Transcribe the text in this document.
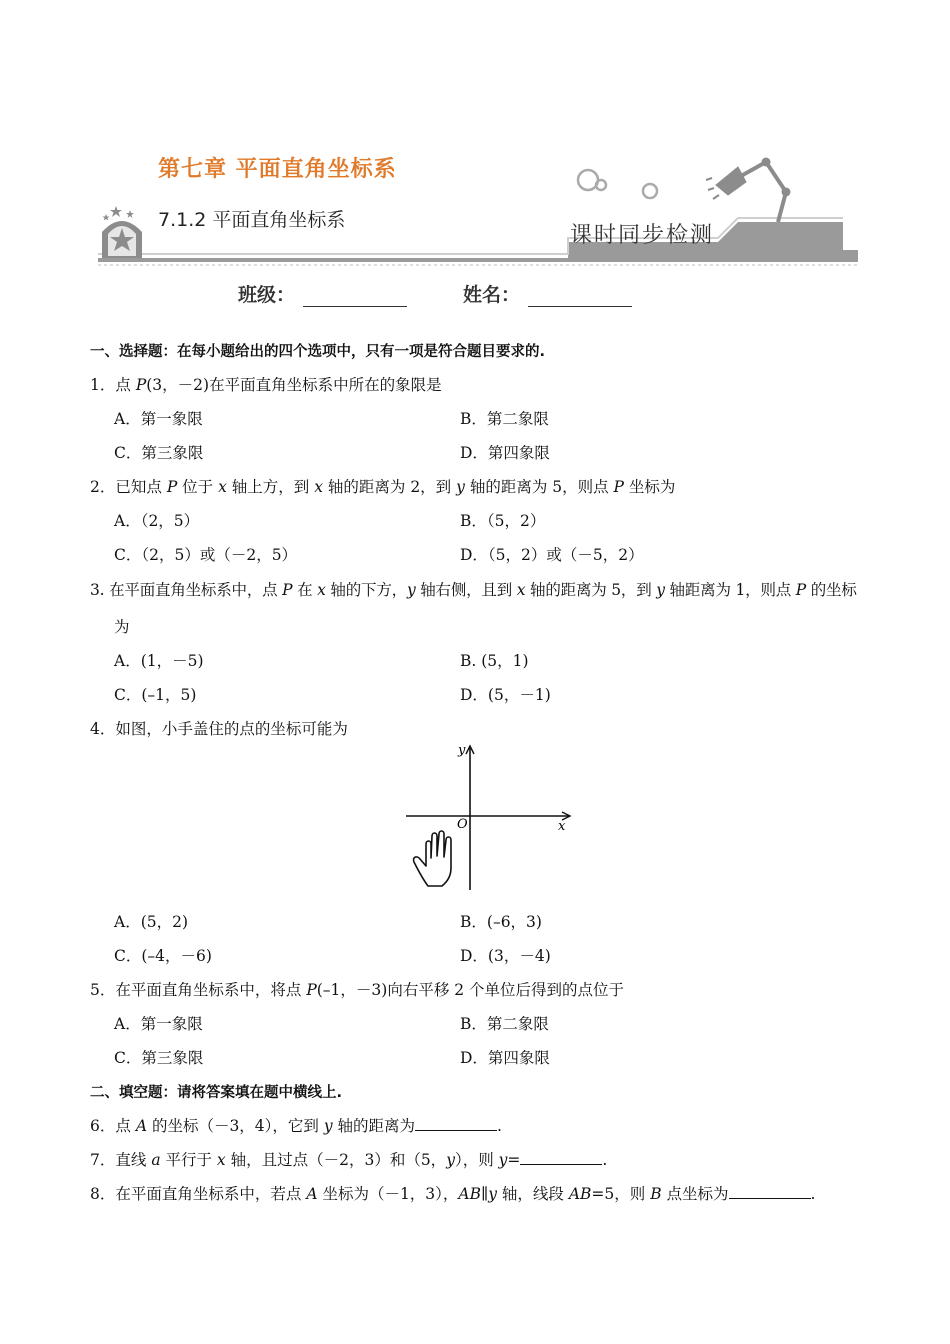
第七章 平面直角坐标系
7.1.2 平面直角坐标系
课时同步检测
班级：	姓名：
一、选择题：在每小题给出的四个选项中，只有一项是符合题目要求的.
1．点 P(3，－2)在平面直角坐标系中所在的象限是
A．第一象限	B．第二象限
C．第三象限	D．第四象限
2．已知点 P 位于 x 轴上方，到 x 轴的距离为 2，到 y 轴的距离为 5，则点 P 坐标为
A．（2，5）	B．（5，2）
C．（2，5）或（－2，5）	D．（5，2）或（－5，2）
3. 在平面直角坐标系中，点 P 在 x 轴的下方，y 轴右侧，且到 x 轴的距离为 5，到 y 轴距离为 1，则点 P 的坐标
为
A．(1，－5)	B. (5，1)
C．(–1，5)	D．(5，－1)
4．如图，小手盖住的点的坐标可能为
y
x
O
A．(5，2)	B．(–6，3)
C．(–4，－6)	D．(3，－4)
5．在平面直角坐标系中，将点 P(–1，－3)向右平移 2 个单位后得到的点位于
A．第一象限	B．第二象限
C．第三象限	D．第四象限
二、填空题：请将答案填在题中横线上.
6．点 A 的坐标（－3，4），它到 y 轴的距离为	.
7．直线 a 平行于 x 轴，且过点（－2，3）和（5，y），则 y=	.
8．在平面直角坐标系中，若点 A 坐标为（－1，3），AB∥y 轴，线段 AB=5，则 B 点坐标为	.
